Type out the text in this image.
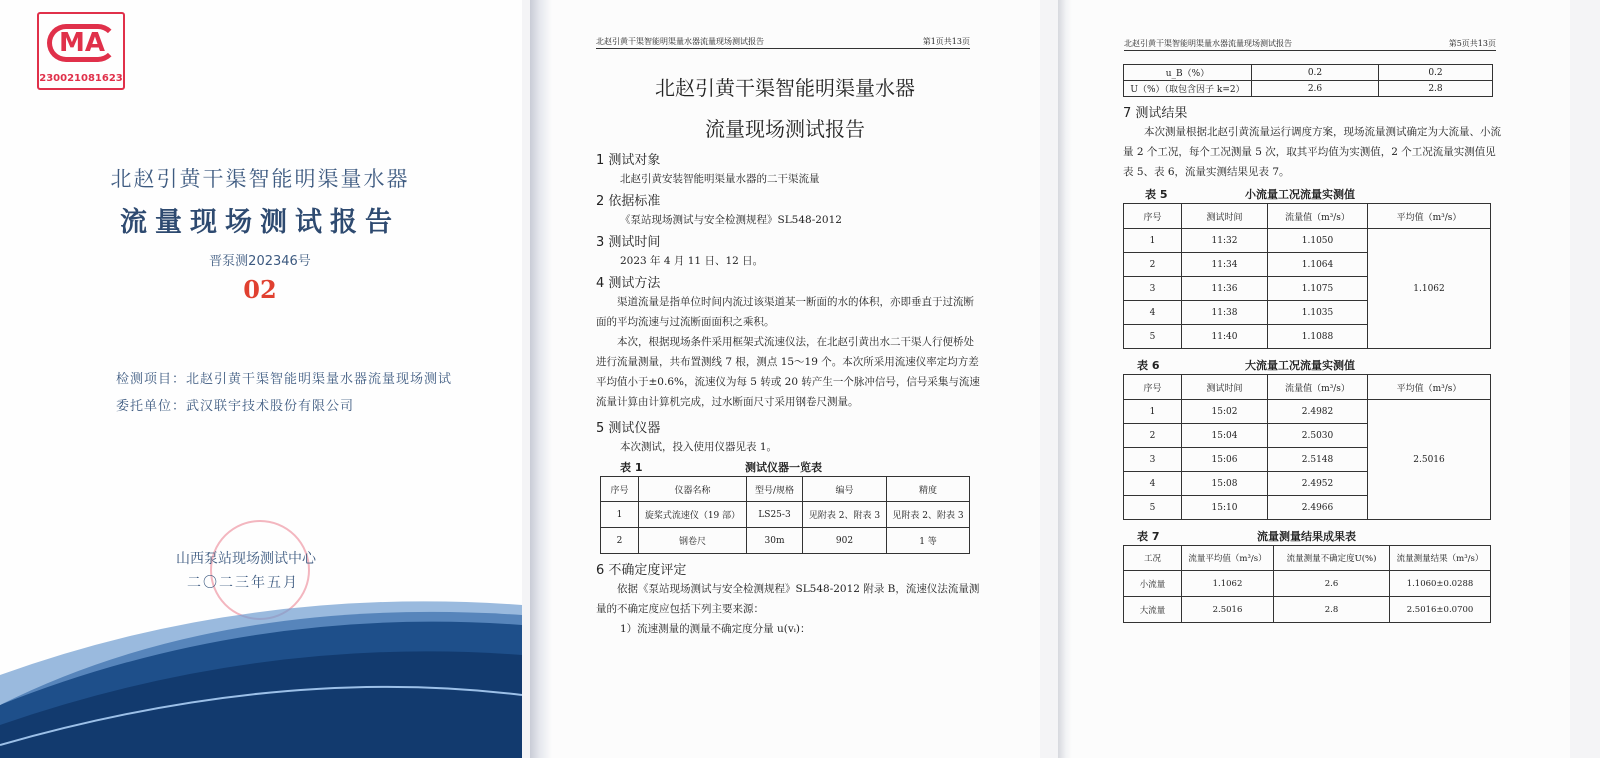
MA
230021081623
北赵引黄干渠智能明渠量水器
流量现场测试报告
晋泵测202346号
02
检测项目：北赵引黄干渠智能明渠量水器流量现场测试
委托单位：武汉联宇技术股份有限公司
山西泵站现场测试中心
二〇二三年五月
北赵引黄干渠智能明渠量水器流量现场测试报告	第1页共13页
北赵引黄干渠智能明渠量水器
流量现场测试报告
1 测试对象
北赵引黄安装智能明渠量水器的二干渠流量
2 依据标准
《泵站现场测试与安全检测规程》SL548-2012
3 测试时间
2023 年 4 月 11 日、12 日。
4 测试方法
渠道流量是指单位时间内流过该渠道某一断面的水的体积，亦即垂直于过流断面的平均流速与过流断面面积之乘积。
本次，根据现场条件采用框架式流速仪法，在北赵引黄出水二干渠人行便桥处进行流量测量，共布置测线 7 根，测点 15～19 个。本次所采用流速仪率定均方差平均值小于±0.6%，流速仪为每 5 转或 20 转产生一个脉冲信号，信号采集与流速流量计算由计算机完成，过水断面尺寸采用钢卷尺测量。
5 测试仪器
本次测试，投入使用仪器见表 1。
表 1	测试仪器一览表
序号	仪器名称	型号/规格	编号	精度
1	旋桨式流速仪（19 部）	LS25-3	见附表 2、附表 3	见附表 2、附表 3
2	钢卷尺	30m	902	1 等
6 不确定度评定
依据《泵站现场测试与安全检测规程》SL548-2012 附录 B，流速仪法流量测量的不确定度应包括下列主要来源：
1）流速测量的测量不确定度分量 u(vᵢ)：
北赵引黄干渠智能明渠量水器流量现场测试报告	第5页共13页
u_B（%）	0.2	0.2
U（%）（取包含因子 k=2）	2.6	2.8
7 测试结果
本次测量根据北赵引黄流量运行调度方案，现场流量测试确定为大流量、小流量 2 个工况，每个工况测量 5 次，取其平均值为实测值，2 个工况流量实测值见表 5、表 6，流量实测结果见表 7。
表 5	小流量工况流量实测值
序号	测试时间	流量值（m³/s）	平均值（m³/s）
1	11:32	1.1050	1.1062
2	11:34	1.1064	
3	11:36	1.1075	
4	11:38	1.1035	
5	11:40	1.1088	
表 6	大流量工况流量实测值
序号	测试时间	流量值（m³/s）	平均值（m³/s）
1	15:02	2.4982	2.5016
2	15:04	2.5030	
3	15:06	2.5148	
4	15:08	2.4952	
5	15:10	2.4966	
表 7	流量测量结果成果表
工况	流量平均值（m³/s）	流量测量不确定度U(%)	流量测量结果（m³/s）
小流量	1.1062	2.6	1.1060±0.0288
大流量	2.5016	2.8	2.5016±0.0700
